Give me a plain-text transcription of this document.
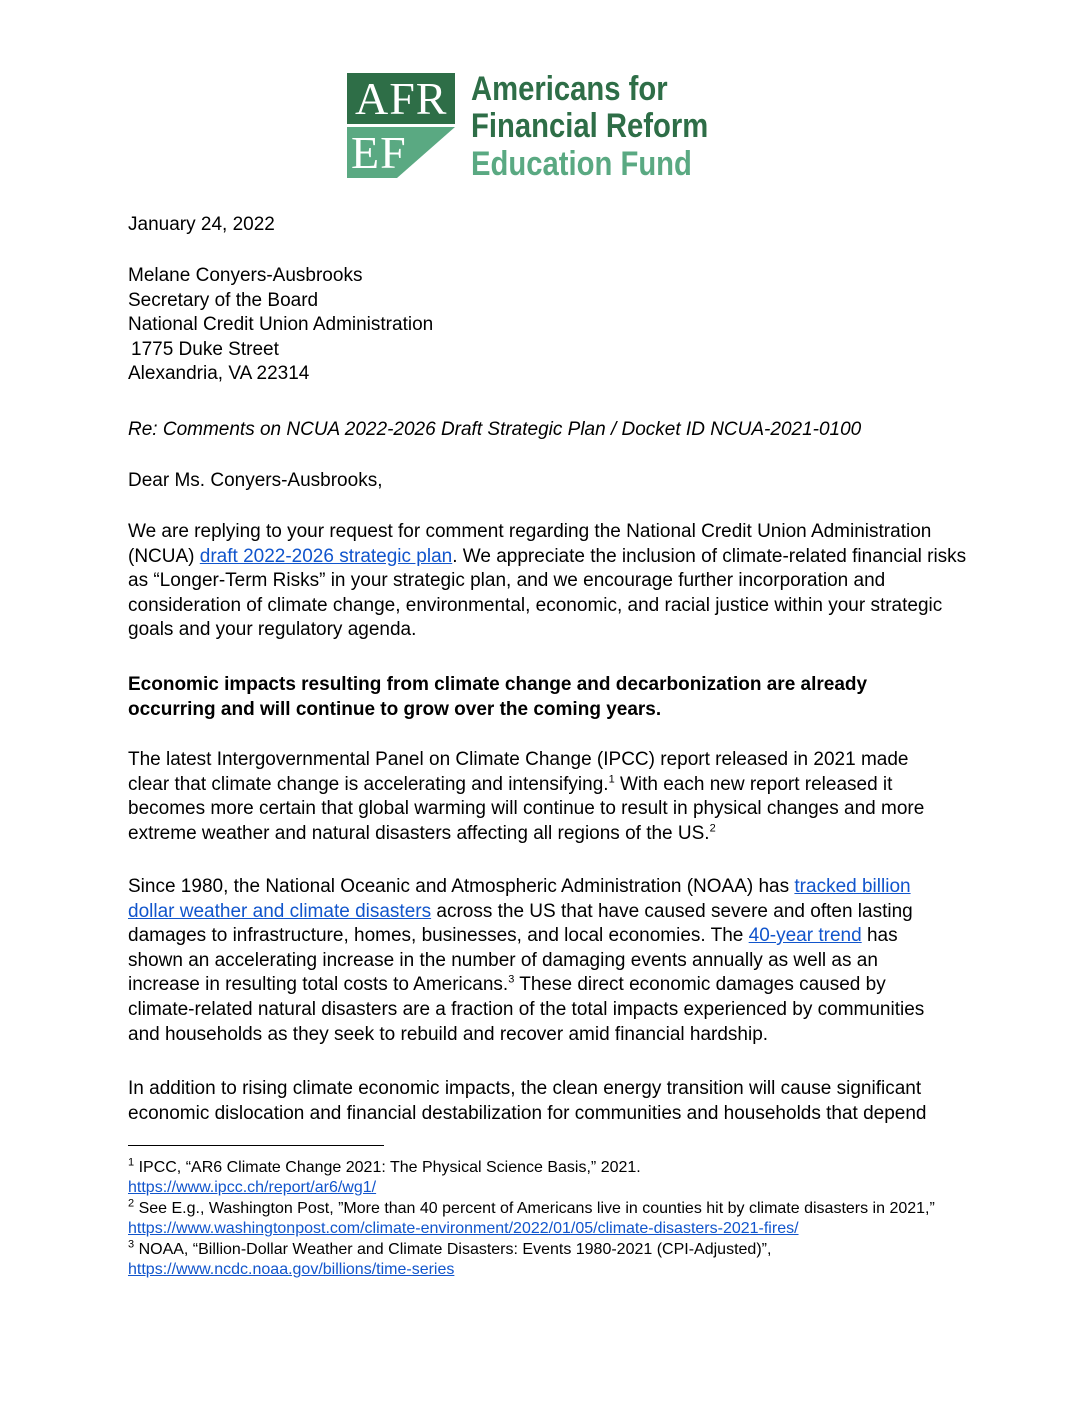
AFR
EF
Americans for
Financial Reform
Education Fund
January 24, 2022
Melane Conyers-Ausbrooks
Secretary of the Board
National Credit Union Administration
1775 Duke Street
Alexandria, VA 22314
Re: Comments on NCUA 2022-2026 Draft Strategic Plan / Docket ID NCUA-2021-0100
Dear Ms. Conyers-Ausbrooks,
We are replying to your request for comment regarding the National Credit Union Administration (NCUA) draft 2022-2026 strategic plan. We appreciate the inclusion of climate-related financial risks as “Longer-Term Risks” in your strategic plan, and we encourage further incorporation and consideration of climate change, environmental, economic, and racial justice within your strategic goals and your regulatory agenda.
Economic impacts resulting from climate change and decarbonization are already occurring and will continue to grow over the coming years.
The latest Intergovernmental Panel on Climate Change (IPCC) report released in 2021 made clear that climate change is accelerating and intensifying.$^1$ With each new report released it becomes more certain that global warming will continue to result in physical changes and more extreme weather and natural disasters affecting all regions of the US.$^2$
Since 1980, the National Oceanic and Atmospheric Administration (NOAA) has tracked billion dollar weather and climate disasters across the US that have caused severe and often lasting damages to infrastructure, homes, businesses, and local economies. The 40-year trend has shown an accelerating increase in the number of damaging events annually as well as an increase in resulting total costs to Americans.$^3$ These direct economic damages caused by climate-related natural disasters are a fraction of the total impacts experienced by communities and households as they seek to rebuild and recover amid financial hardship.
In addition to rising climate economic impacts, the clean energy transition will cause significant economic dislocation and financial destabilization for communities and households that depend
$^1$ IPCC, “AR6 Climate Change 2021: The Physical Science Basis,” 2021.
https://www.ipcc.ch/report/ar6/wg1/
$^2$ See E.g., Washington Post, ”More than 40 percent of Americans live in counties hit by climate disasters in 2021,” https://www.washingtonpost.com/climate-environment/2022/01/05/climate-disasters-2021-fires/
$^3$ NOAA, “Billion-Dollar Weather and Climate Disasters: Events 1980-2021 (CPI-Adjusted)”,
https://www.ncdc.noaa.gov/billions/time-series
